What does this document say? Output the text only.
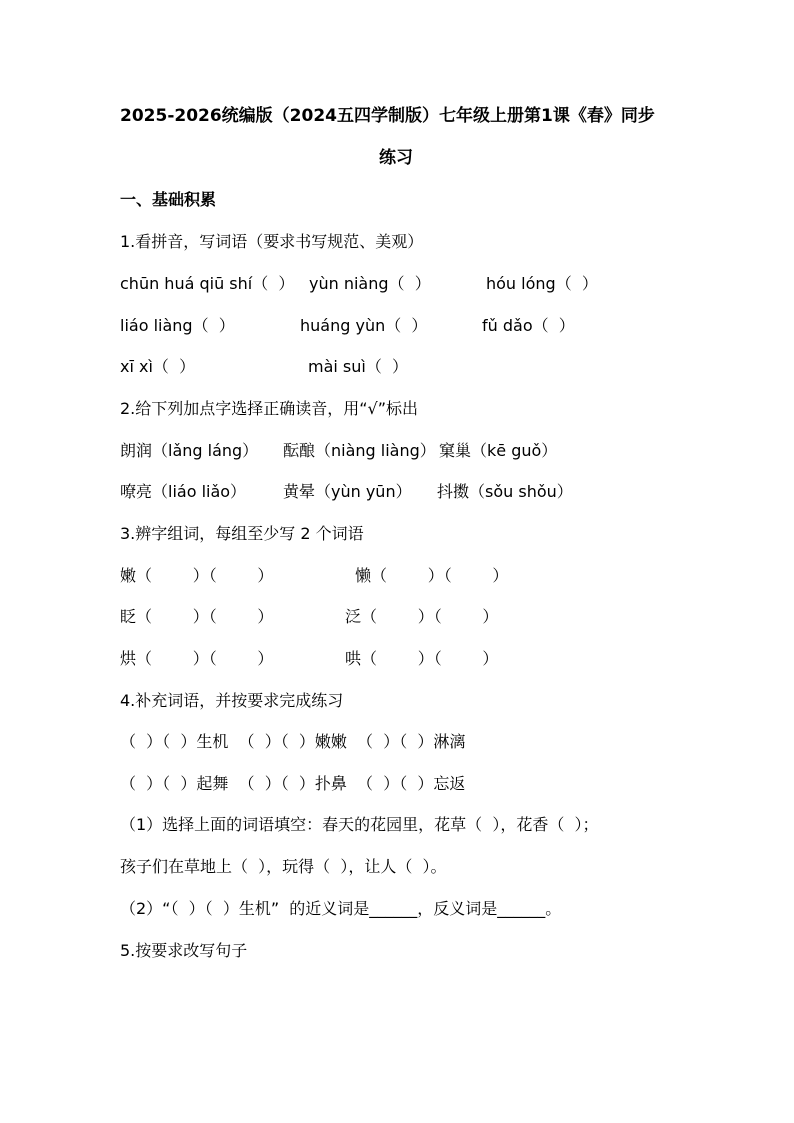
2025-2026统编版（2024五四学制版）七年级上册第1课《春》同步
练习
一、基础积累
1.看拼音，写词语（要求书写规范、美观）
chūn huá qiū shí（  ） yùn niàng（  ）	hóu lóng（  ）
liáo liàng（  ）	huáng yùn（  ）	fǔ dǎo（  ）
xī xì（  ）	mài suì（  ）
2.给下列加点字选择正确读音，用“√”标出
朗润（lǎng láng） 酝酿（niàng liàng） 窠巢（kē guǒ）
嘹亮（liáo liǎo） 黄晕（yùn yūn） 抖擞（sǒu shǒu）
3.辨字组词，每组至少写 2 个词语
嫩（        ）（        ）	懒（        ）（        ）
眨（        ）（        ）	泛（        ）（        ）
烘（        ）（        ）	哄（        ）（        ）
4.补充词语，并按要求完成练习
（  ）（  ）生机  （  ）（  ）嫩嫩  （  ）（  ）淋漓
（  ）（  ）起舞  （  ）（  ）扑鼻  （  ）（  ）忘返
（1）选择上面的词语填空：春天的花园里，花草（  ），花香（  ）；
孩子们在草地上（  ），玩得（  ），让人（  ）。
（2）“（  ）（  ）生机”  的近义词是______，反义词是______。
5.按要求改写句子
